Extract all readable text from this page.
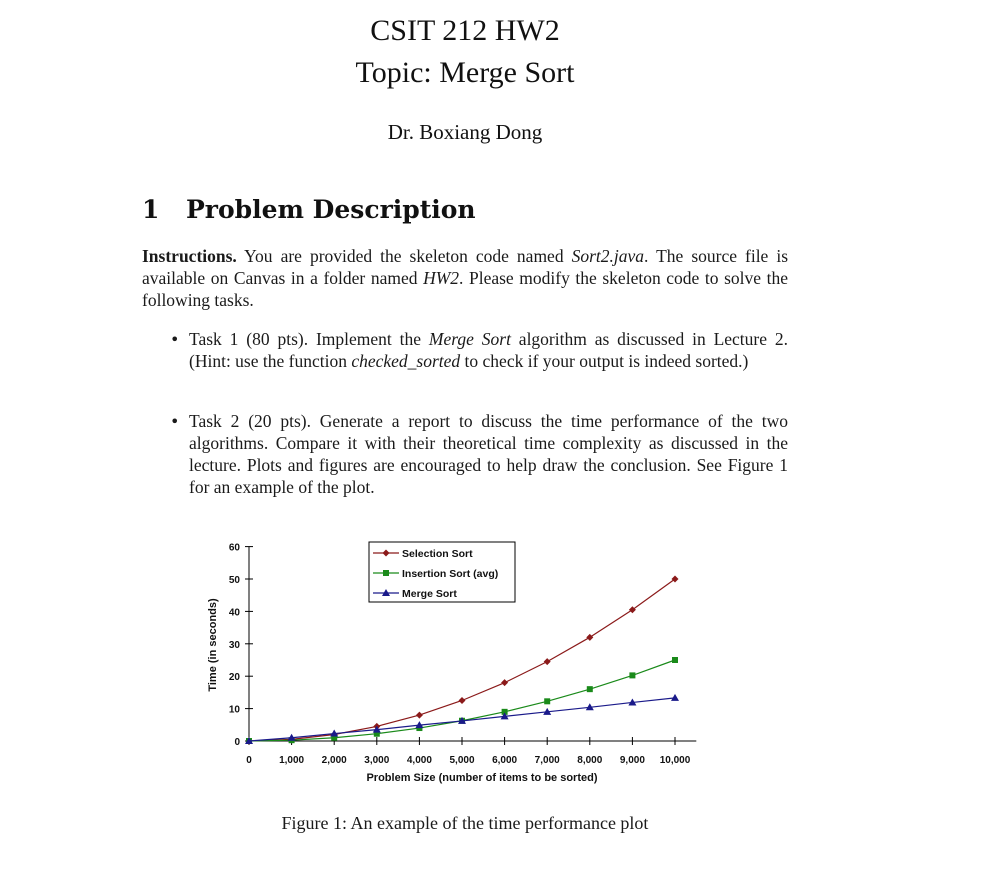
CSIT 212 HW2
Topic: Merge Sort
Dr. Boxiang Dong
1 Problem Description
Instructions. You are provided the skeleton code named Sort2.java. The source file is available on Canvas in a folder named HW2. Please modify the skeleton code to solve the following tasks.
• Task 1 (80 pts). Implement the Merge Sort algorithm as discussed in Lecture 2. (Hint: use the function checked_sorted to check if your output is indeed sorted.)
• Task 2 (20 pts). Generate a report to discuss the time performance of the two algorithms. Compare it with their theoretical time complexity as discussed in the lecture. Plots and figures are encouraged to help draw the conclusion. See Figure 1 for an example of the plot.
0	1,000 2,000 3,000 4,000 5,000 6,000 7,000 8,000 9,000 10,000
0
10
20
30
40
50
60	Selection Sort
Insertion Sort (avg)
Merge Sort
Problem Size (number of items to be sorted)
Time (in seconds)
Figure 1: An example of the time performance plot
